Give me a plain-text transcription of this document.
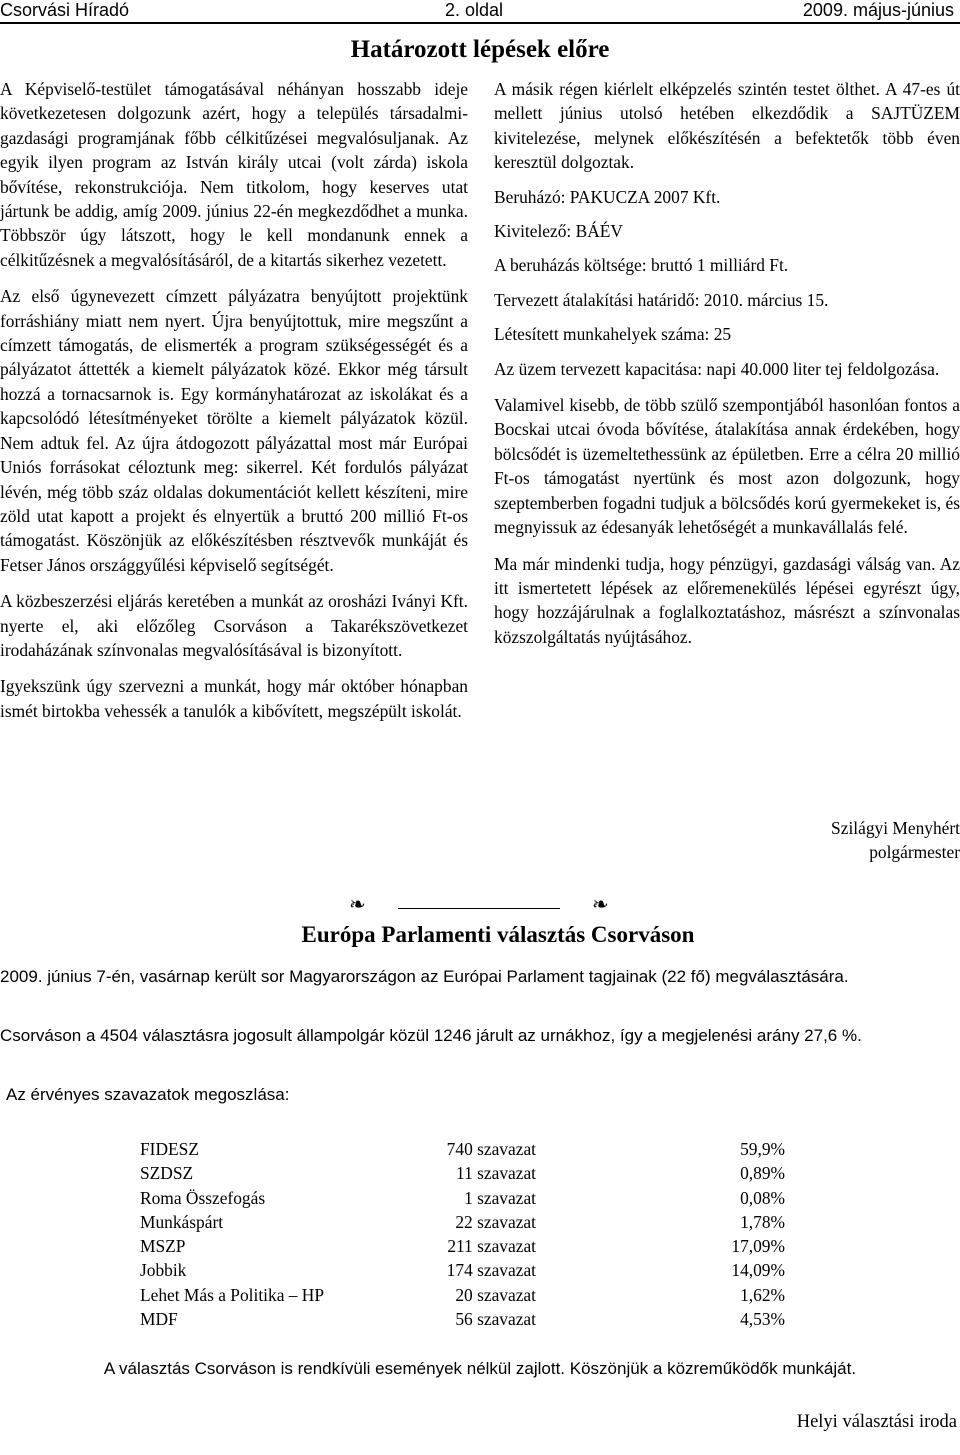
Csorvási Híradó	2. oldal	2009. május-június
Határozott lépések előre

A Képviselő-testület támogatásával néhányan hosszabb ideje következetesen dolgozunk azért, hogy a település társadalmi-gazdasági programjának főbb célkitűzései megvalósuljanak. Az egyik ilyen program az István király utcai (volt zárda) iskola bővítése, rekonstrukciója. Nem titkolom, hogy keserves utat jártunk be addig, amíg 2009. június 22-én megkezdődhet a munka. Többször úgy látszott, hogy le kell mondanunk ennek a célkitűzésnek a megvalósításáról, de a kitartás sikerhez vezetett.

Az első úgynevezett címzett pályázatra benyújtott projektünk forráshiány miatt nem nyert. Újra benyújtottuk, mire megszűnt a címzett támogatás, de elismerték a program szükségességét és a pályázatot áttették a kiemelt pályázatok közé. Ekkor még társult hozzá a tornacsarnok is. Egy kormányhatározat az iskolákat és a kapcsolódó létesítményeket törölte a kiemelt pályázatok közül. Nem adtuk fel. Az újra átdogozott pályázattal most már Európai Uniós forrásokat céloztunk meg: sikerrel. Két fordulós pályázat lévén, még több száz oldalas dokumentációt kellett készíteni, mire zöld utat kapott a projekt és elnyertük a bruttó 200 millió Ft-os támogatást. Köszönjük az előkészítésben résztvevők munkáját és Fetser János országgyűlési képviselő segítségét.

A közbeszerzési eljárás keretében a munkát az orosházi Iványi Kft. nyerte el, aki előzőleg Csorváson a Takarékszövetkezet irodaházának színvonalas megvalósításával is bizonyított.

Igyekszünk úgy szervezni a munkát, hogy már október hónapban ismét birtokba vehessék a tanulók a kibővített, megszépült iskolát.

A másik régen kiérlelt elképzelés szintén testet ölthet. A 47-es út mellett június utolsó hetében elkezdődik a SAJTÜZEM kivitelezése, melynek előkészítésén a befektetők több éven keresztül dolgoztak.

Beruházó: PAKUCZA 2007 Kft.

Kivitelező: BÁÉV

A beruházás költsége: bruttó 1 milliárd Ft.

Tervezett átalakítási határidő: 2010. március 15.

Létesített munkahelyek száma: 25

Az üzem tervezett kapacitása: napi 40.000 liter tej feldolgozása.

Valamivel kisebb, de több szülő szempontjából hasonlóan fontos a Bocskai utcai óvoda bővítése, átalakítása annak érdekében, hogy bölcsődét is üzemeltethessünk az épületben. Erre a célra 20 millió Ft-os támogatást nyertünk és most azon dolgozunk, hogy szeptemberben fogadni tudjuk a bölcsődés korú gyermekeket is, és megnyissuk az édesanyák lehetőségét a munkavállalás felé.

Ma már mindenki tudja, hogy pénzügyi, gazdasági válság van. Az itt ismertetett lépések az előremenekülés lépései egyrészt úgy, hogy hozzájárulnak a foglalkoztatáshoz, másrészt a színvonalas közszolgáltatás nyújtásához.

Szilágyi Menyhért
polgármester
❧	❧
Európa Parlamenti választás Csorváson
2009. június 7-én, vasárnap került sor Magyarországon az Európai Parlament tagjainak (22 fő) megválasztására.
Csorváson a 4504 választásra jogosult állampolgár közül 1246 járult az urnákhoz, így a megjelenési arány 27,6 %.
Az érvényes szavazatok megoszlása:
FIDESZ	740 szavazat	59,9%
SZDSZ	11 szavazat	0,89%
Roma Összefogás	1 szavazat	0,08%
Munkáspárt	22 szavazat	1,78%
MSZP	211 szavazat	17,09%
Jobbik	174 szavazat	14,09%
Lehet Más a Politika – HP	20 szavazat	1,62%
MDF	56 szavazat	4,53%
A választás Csorváson is rendkívüli események nélkül zajlott. Köszönjük a közreműködők munkáját.
Helyi választási iroda
